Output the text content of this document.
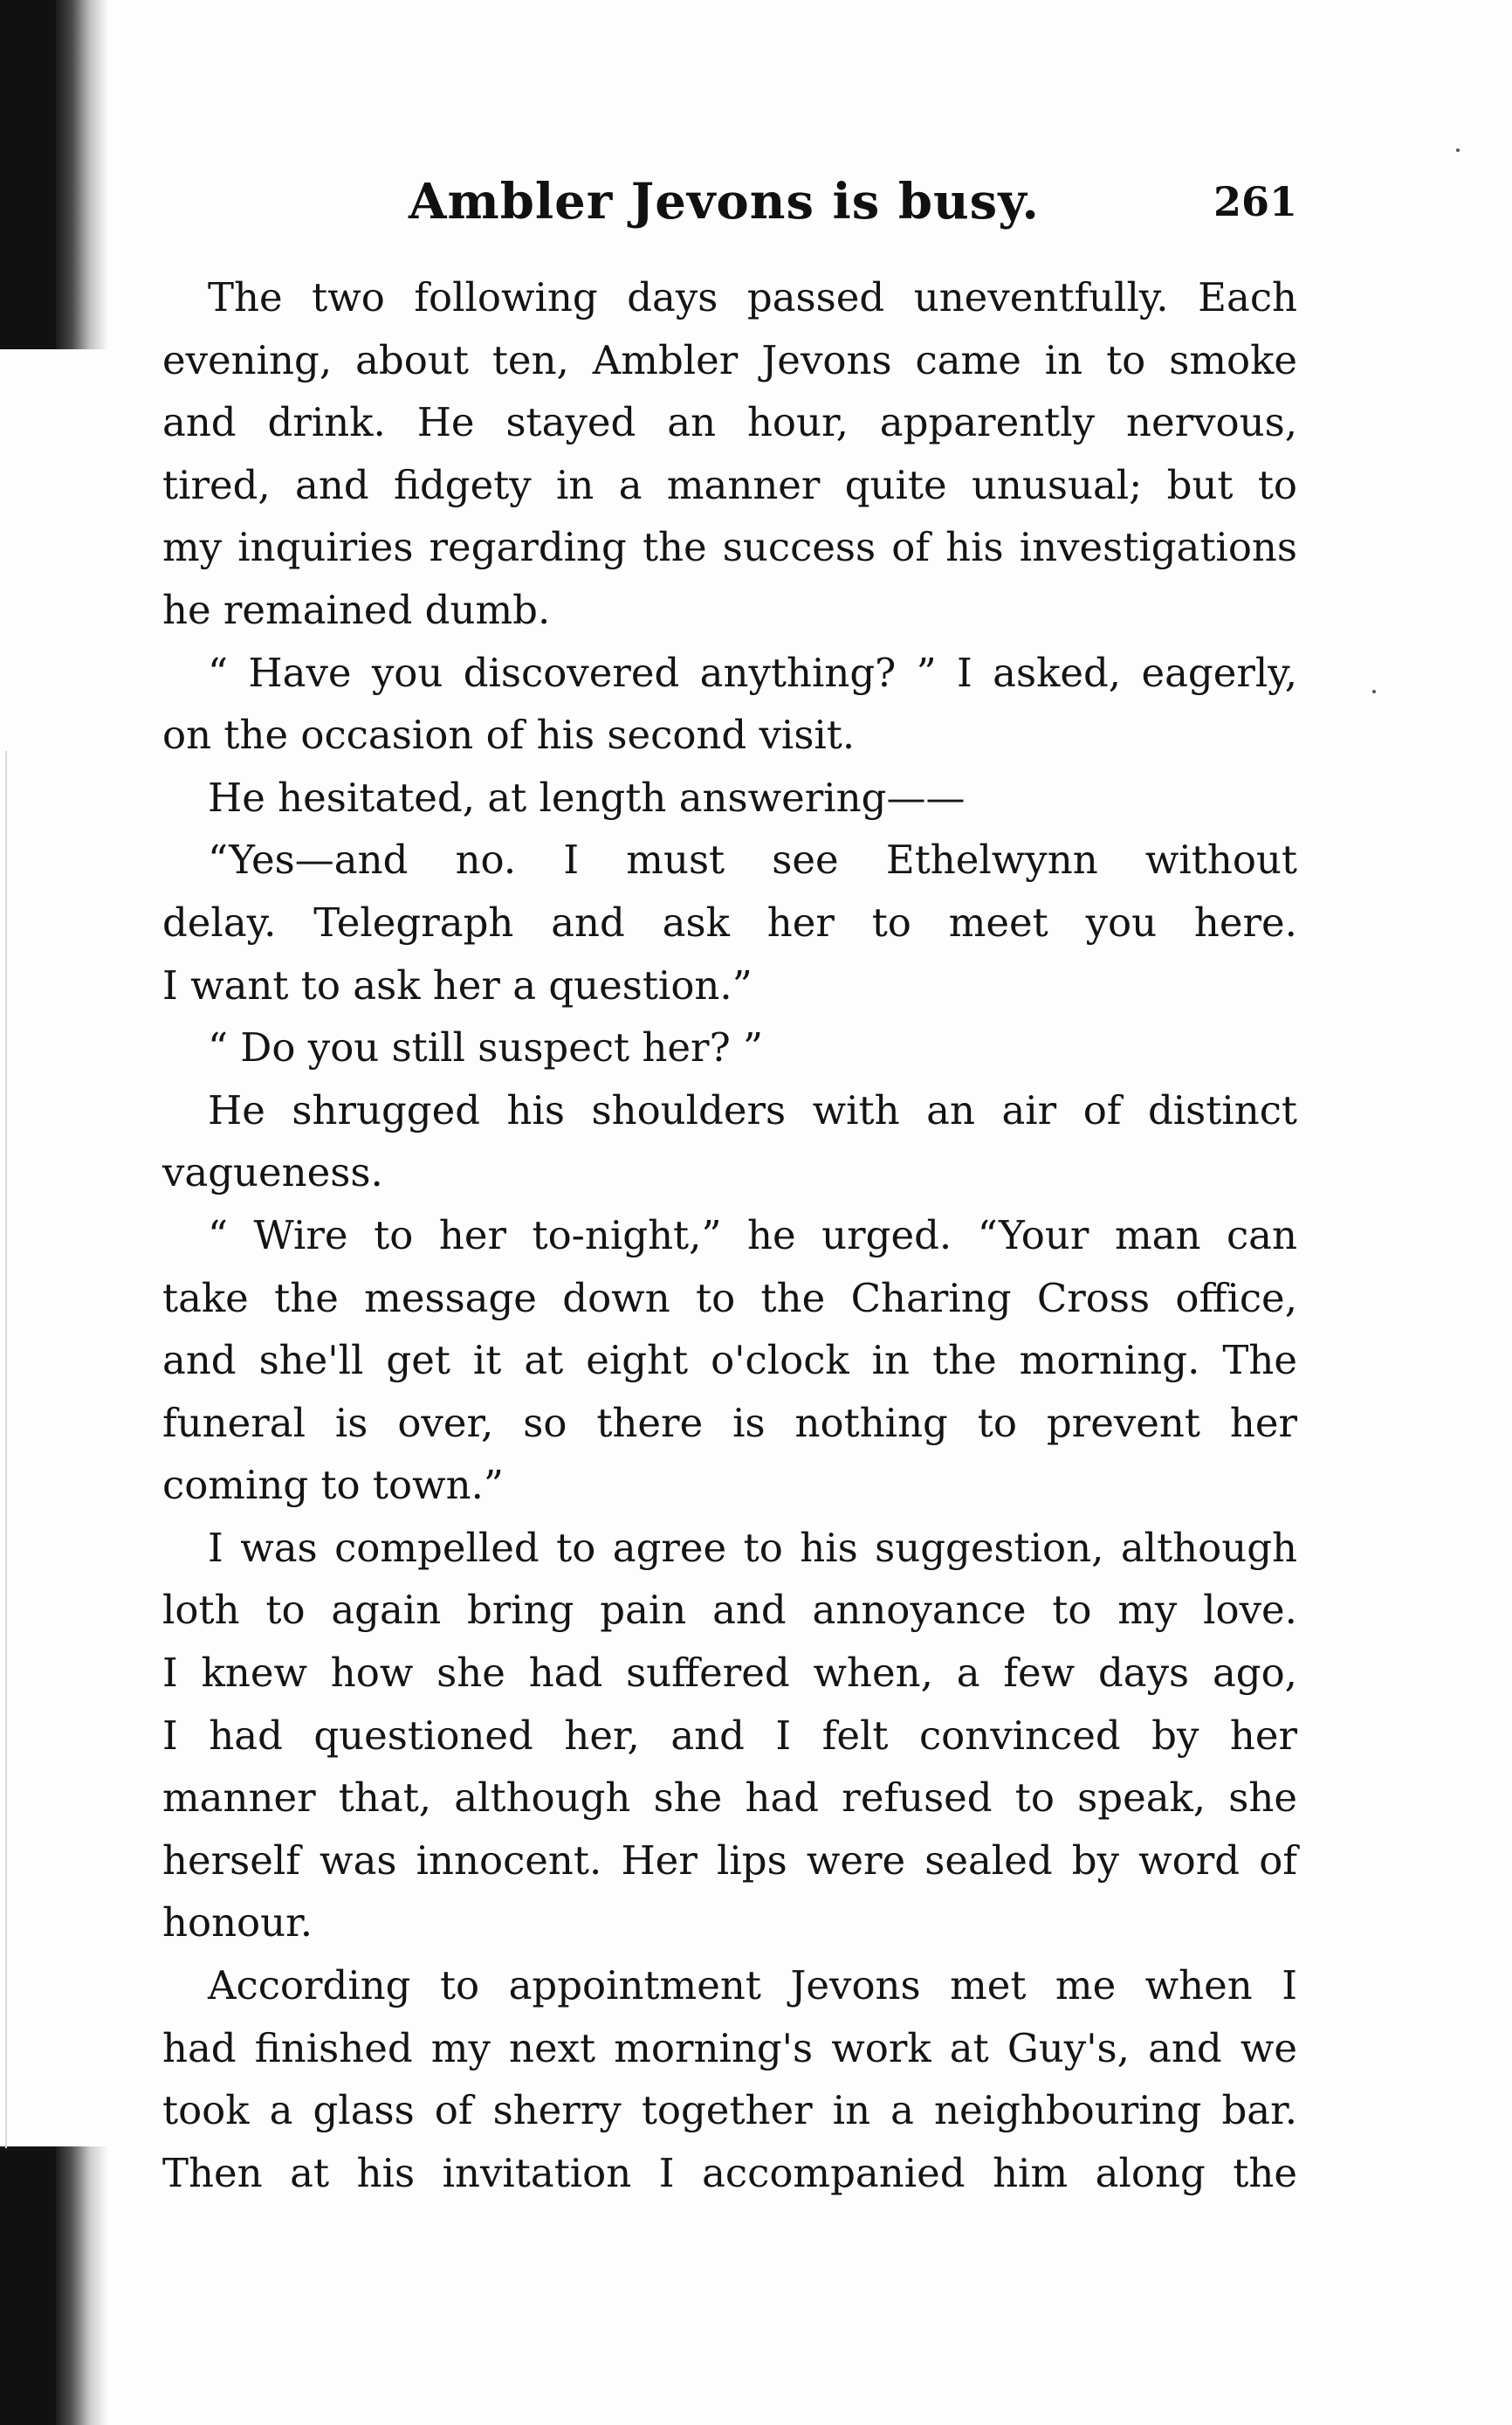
Ambler Jevons is busy.	261
The two following days passed uneventfully. Each
evening, about ten, Ambler Jevons came in to smoke
and drink. He stayed an hour, apparently nervous,
tired, and fidgety in a manner quite unusual; but to
my inquiries regarding the success of his investigations
he remained dumb.
“ Have you discovered anything? ” I asked, eagerly,
on the occasion of his second visit.
He hesitated, at length answering——
“Yes—and no. I must see Ethelwynn without
delay. Telegraph and ask her to meet you here.
I want to ask her a question.”
“ Do you still suspect her? ”
He shrugged his shoulders with an air of distinct
vagueness.
“ Wire to her to-night,” he urged. “Your man can
take the message down to the Charing Cross office,
and she'll get it at eight o'clock in the morning. The
funeral is over, so there is nothing to prevent her
coming to town.”
I was compelled to agree to his suggestion, although
loth to again bring pain and annoyance to my love.
I knew how she had suffered when, a few days ago,
I had questioned her, and I felt convinced by her
manner that, although she had refused to speak, she
herself was innocent. Her lips were sealed by word of
honour.
According to appointment Jevons met me when I
had finished my next morning's work at Guy's, and we
took a glass of sherry together in a neighbouring bar.
Then at his invitation I accompanied him along the
